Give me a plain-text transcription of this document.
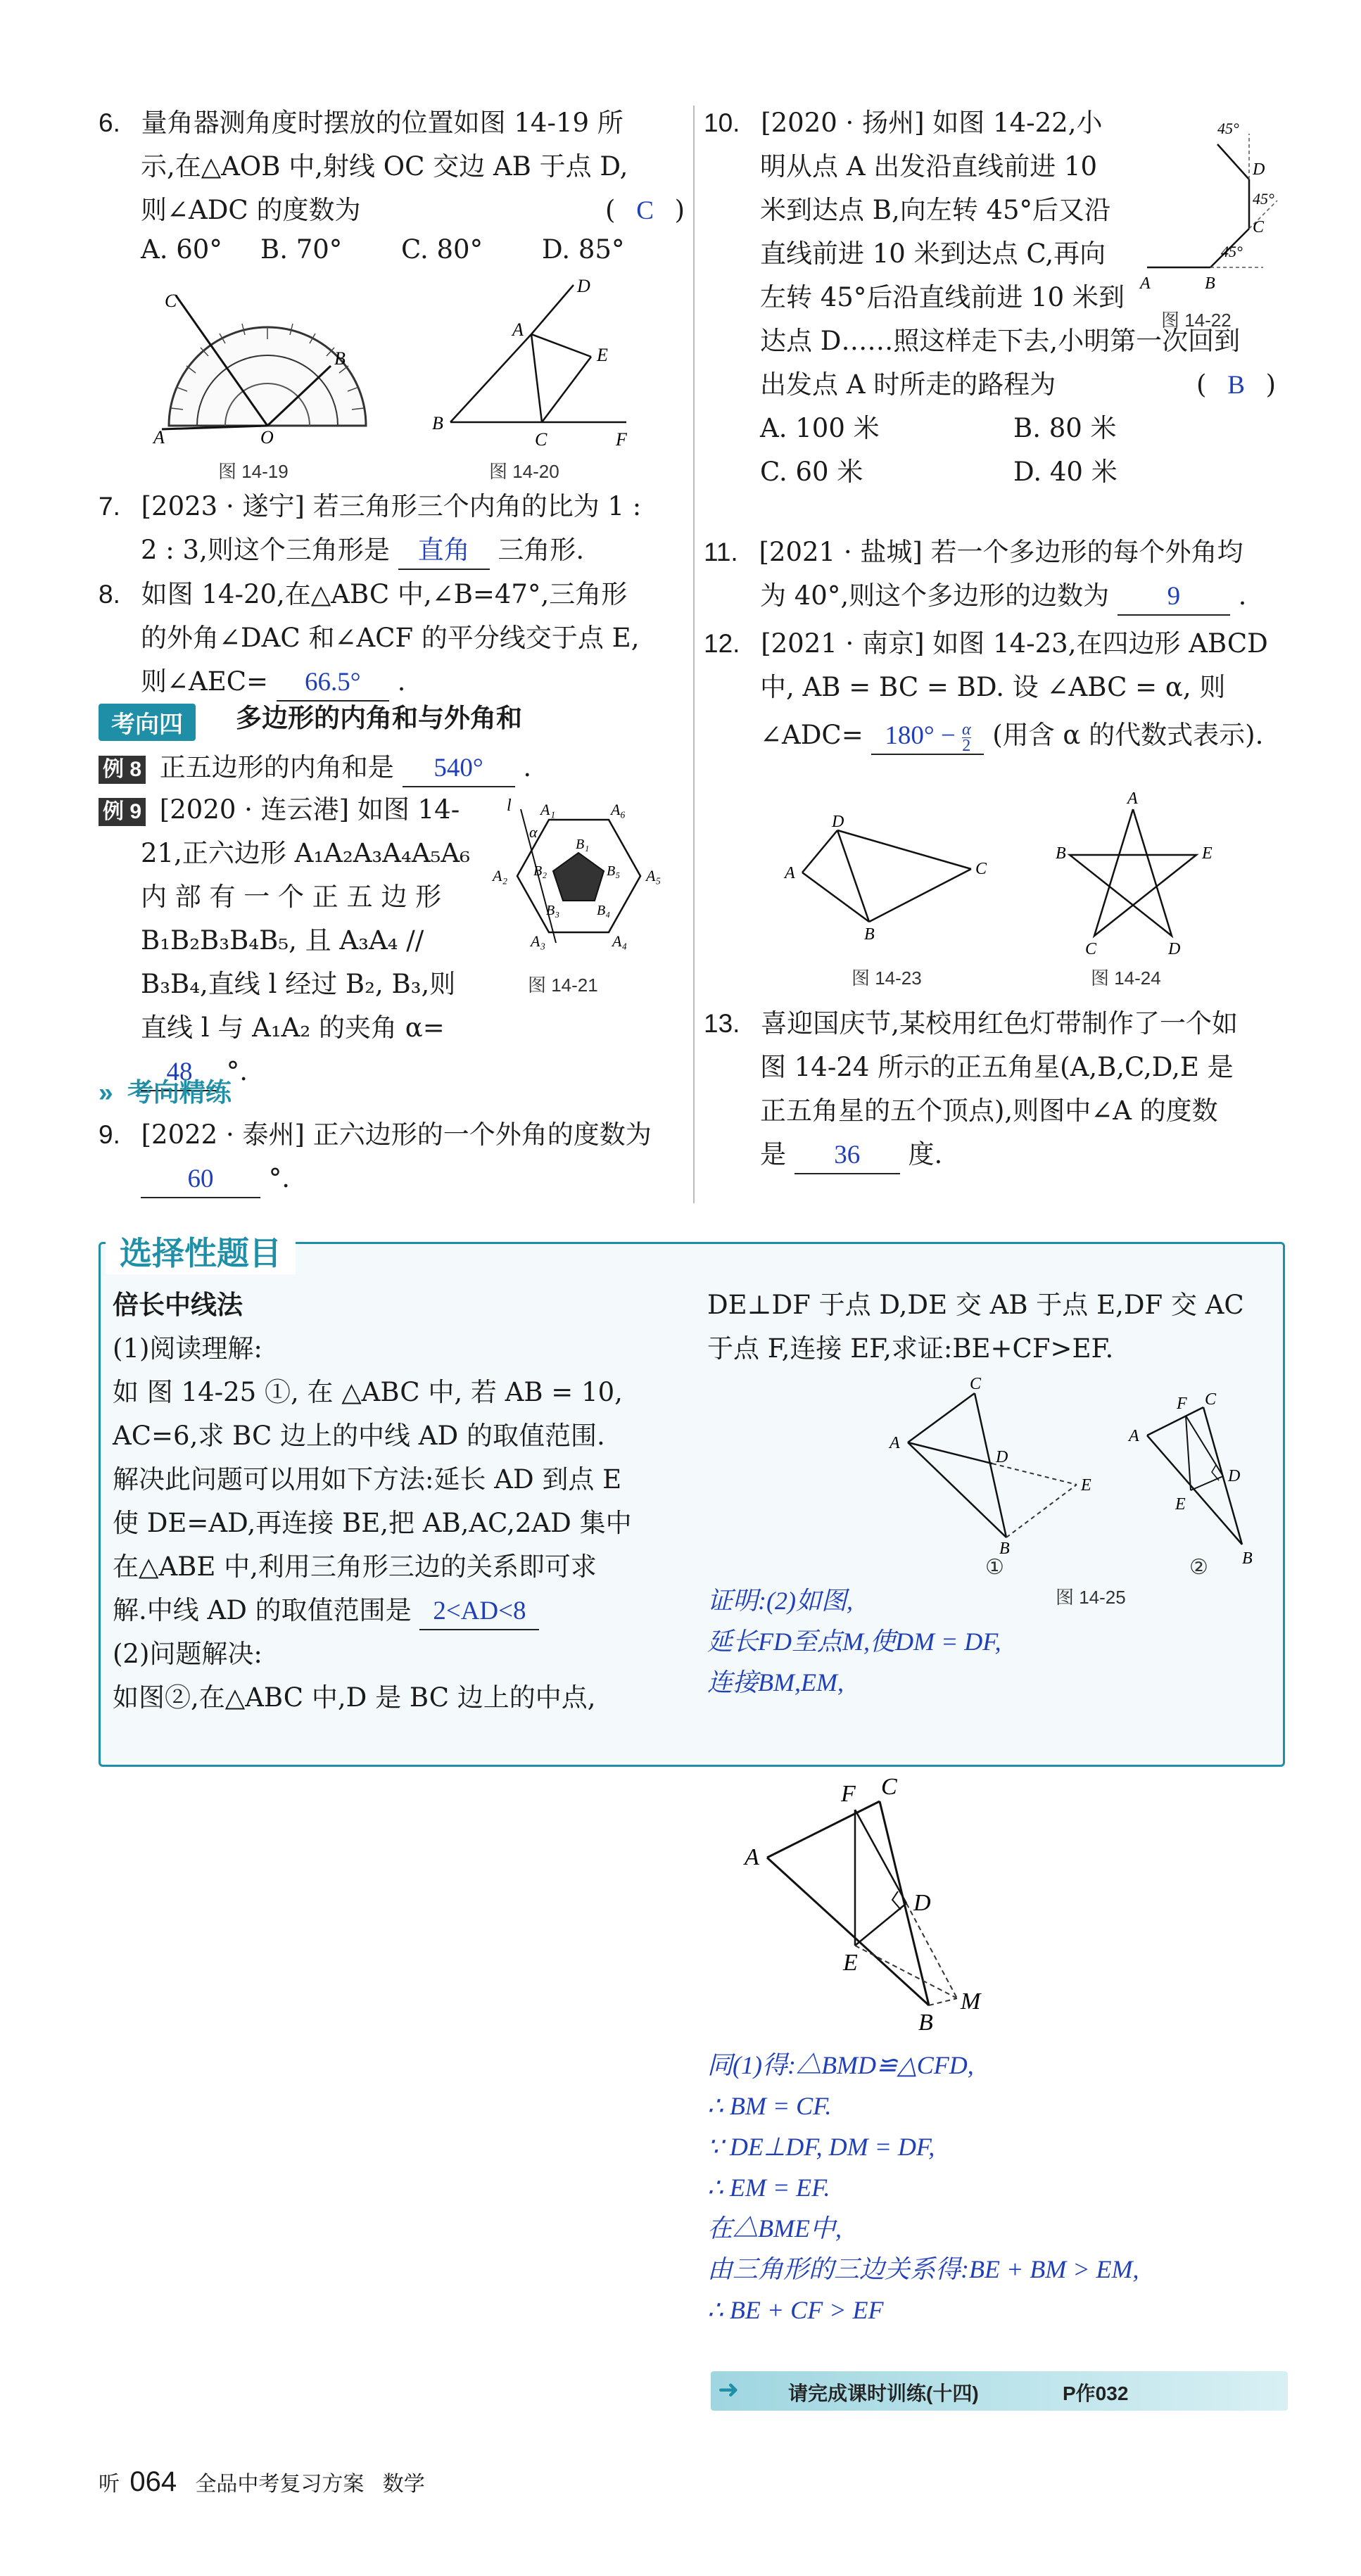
6. 量角器测角度时摆放的位置如图 14-19 所
示,在△AOB 中,射线 OC 交边 AB 于点 D,
则∠ADC 的度数为	( C )
A. 60° B. 70° C. 80° D. 85°
C
A	O
B
图 14-19
D
A
E
B
C	F
图 14-20
7. [2023 · 遂宁] 若三角形三个内角的比为 1 :
2 : 3,则这个三角形是 直角 三角形.
8. 如图 14-20,在△ABC 中,∠B=47°,三角形
的外角∠DAC 和∠ACF 的平分线交于点 E,
则∠AEC= 66.5° .
考向四	多边形的内角和与外角和
例 8 正五边形的内角和是 540° .
例 9 [2020 · 连云港] 如图 14-
21,正六边形 A₁A₂A₃A₄A₅A₆
内 部 有 一 个 正 五 边 形
B₁B₂B₃B₄B₅, 且 A₃A₄ //
B₃B₄,直线 l 经过 B₂, B₃,则
直线 l 与 A₁A₂ 的夹角 α=
48 °.
l A₁	A₆
α
B₁
A₂ B₂	B₅ A₅
B₃	B₄
A₃	A₄
图 14-21
» 考向精练
9. [2022 · 泰州] 正六边形的一个外角的度数为
60 °.
10. [2020 · 扬州] 如图 14-22,小
明从点 A 出发沿直线前进 10
米到达点 B,向左转 45°后又沿
直线前进 10 米到达点 C,再向
左转 45°后沿直线前进 10 米到
达点 D……照这样走下去,小明第一次回到
出发点 A 时所走的路程为	( B )
A. 100 米	B. 80 米
C. 60 米	D. 40 米
45°
D
45°
C
45°
A	B
图 14-22
11. [2021 · 盐城] 若一个多边形的每个外角均
为 40°,则这个多边形的边数为 9 .
12. [2021 · 南京] 如图 14-23,在四边形 ABCD
中, AB = BC = BD. 设 ∠ABC = α, 则
∠ADC= $180^\circ - \frac{\alpha}{2}$ (用含 α 的代数式表示).
D
A	C
B
图 14-23
A
B	E
C	D
图 14-24
13. 喜迎国庆节,某校用红色灯带制作了一个如
图 14-24 所示的正五角星(A,B,C,D,E 是
正五角星的五个顶点),则图中∠A 的度数
是 36 度.
选择性题目
倍长中线法
(1)阅读理解:
如 图 14-25 ①, 在 △ABC 中, 若 AB = 10,
AC=6,求 BC 边上的中线 AD 的取值范围.
解决此问题可以用如下方法:延长 AD 到点 E
使 DE=AD,再连接 BE,把 AB,AC,2AD 集中
在△ABE 中,利用三角形三边的关系即可求
解.中线 AD 的取值范围是 2<AD<8
(2)问题解决:
如图②,在△ABC 中,D 是 BC 边上的中点,
DE⊥DF 于点 D,DE 交 AB 于点 E,DF 交 AC
于点 F,连接 EF,求证:BE+CF>EF.
证明:(2)如图,
延长FD至点M,使DM = DF,
连接BM,EM,
C
A
D
E
B
①
F C
A
D
E
B
②
图 14-25
F C
A
D
E
B
M
同(1)得:△BMD≌△CFD,
∴ BM = CF.
∵ DE⊥DF, DM = DF,
∴ EM = EF.
在△BME中,
由三角形的三边关系得:BE + BM > EM,
∴ BE + CF > EF
➜ 请完成课时训练(十四)	P作032
听 064 全品中考复习方案 数学
